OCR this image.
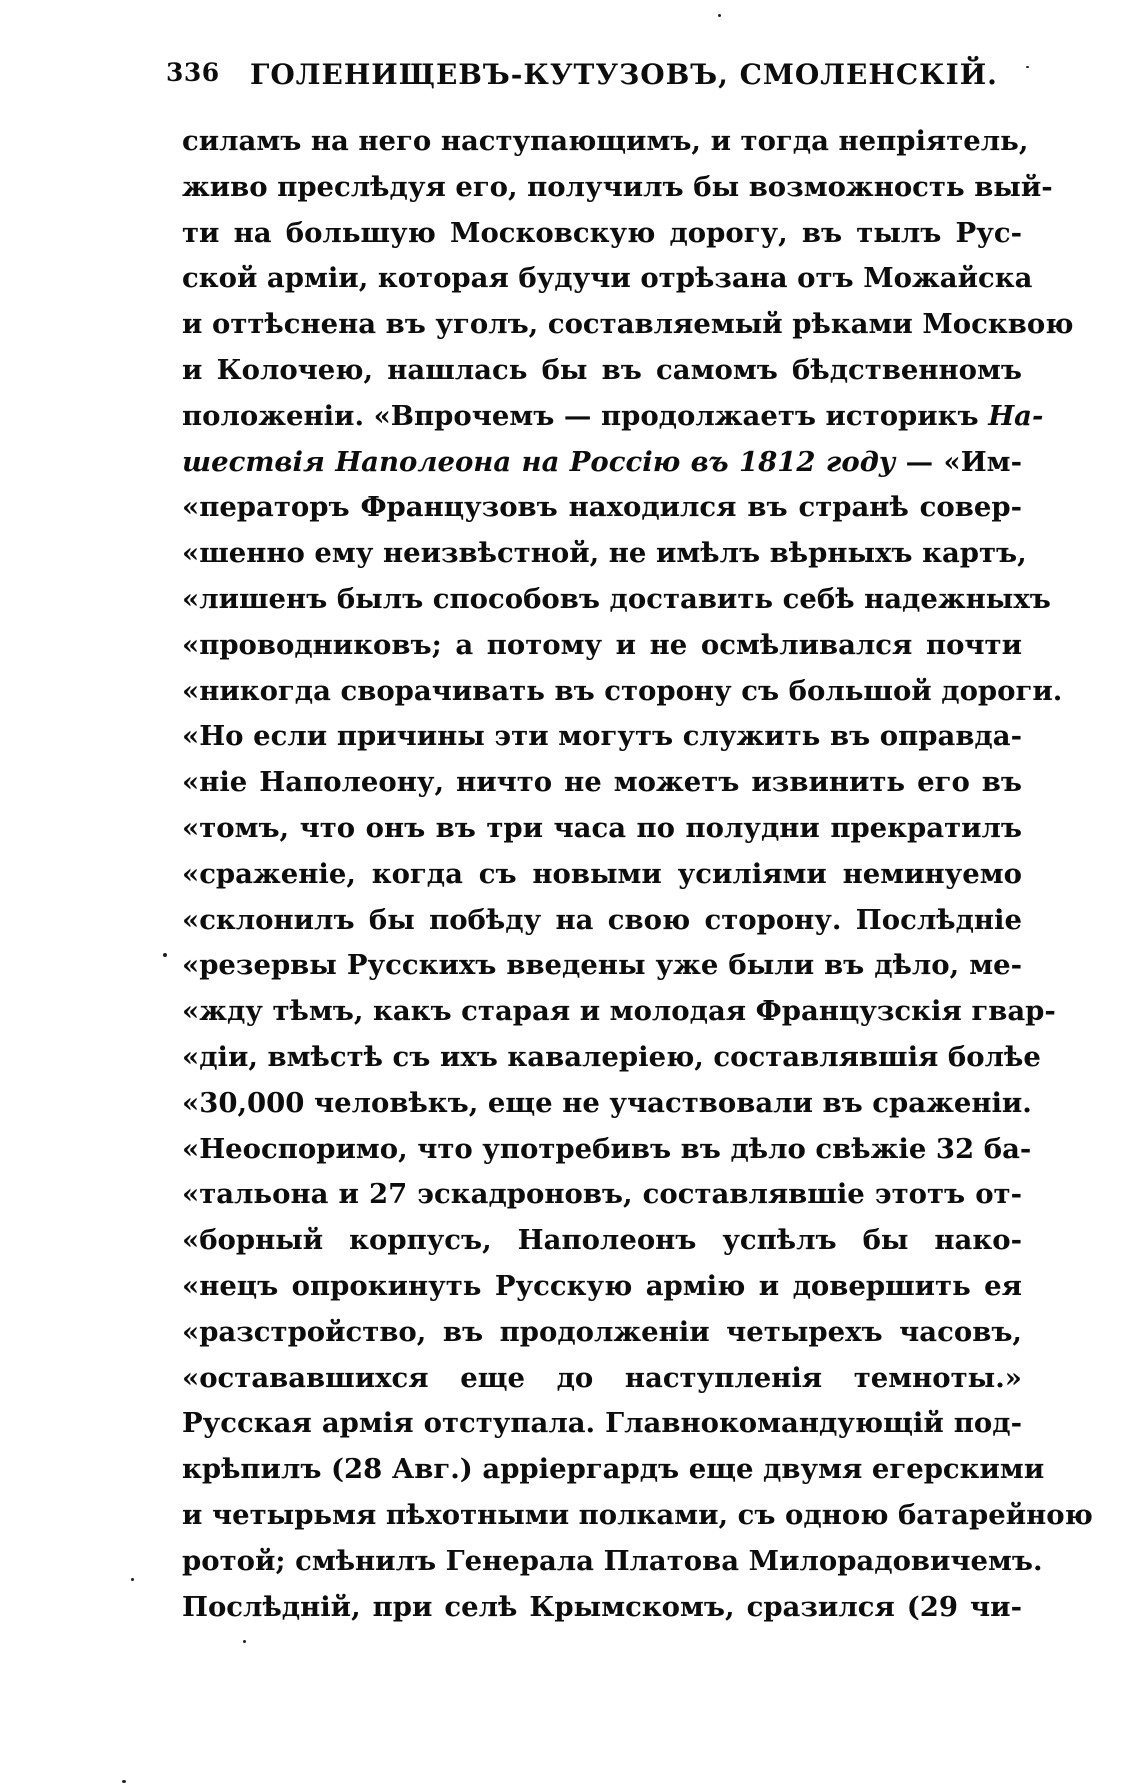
336 ГОЛЕНИЩЕВЪ-КУТУЗОВЪ, СМОЛЕНСКІЙ.
силамъ на него наступающимъ, и тогда непріятель,
живо преслѣдуя его, получилъ бы возможность вый-
ти на большую Московскую дорогу, въ тылъ Рус-
ской арміи, которая будучи отрѣзана отъ Можайска
и оттѣснена въ уголъ, составляемый рѣками Москвою
и Колочею, нашлась бы въ самомъ бѣдственномъ
положеніи. «Впрочемъ — продолжаетъ историкъ На-
шествія Наполеона на Россію въ 1812 году — «Им-
«ператоръ Французовъ находился въ странѣ совер-
«шенно ему неизвѣстной, не имѣлъ вѣрныхъ картъ,
«лишенъ былъ способовъ доставить себѣ надежныхъ
«проводниковъ; а потому и не осмѣливался почти
«никогда сворачивать въ сторону съ большой дороги.
«Но если причины эти могутъ служить въ оправда-
«ніе Наполеону, ничто не можетъ извинить его въ
«томъ, что онъ въ три часа по полудни прекратилъ
«сраженіе, когда съ новыми усиліями неминуемо
«склонилъ бы побѣду на свою сторону. Послѣдніе
«резервы Русскихъ введены уже были въ дѣло, ме-
«жду тѣмъ, какъ старая и молодая Французскія гвар-
«діи, вмѣстѣ съ ихъ кавалеріею, составлявшія болѣе
«30,000 человѣкъ, еще не участвовали въ сраженіи.
«Неоспоримо, что употребивъ въ дѣло свѣжіе 32 ба-
«тальона и 27 эскадроновъ, составлявшіе этотъ от-
«борный корпусъ, Наполеонъ успѣлъ бы нако-
«нецъ опрокинуть Русскую армію и довершить ея
«разстройство, въ продолженіи четырехъ часовъ,
«остававшихся еще до наступленія темноты.»
Русская армія отступала. Главнокомандующій под-
крѣпилъ (28 Авг.) арріергардъ еще двумя егерскими
и четырьмя пѣхотными полками, съ одною батарейною
ротой; смѣнилъ Генерала Платова Милорадовичемъ.
Послѣдній, при селѣ Крымскомъ, сразился (29 чи-
